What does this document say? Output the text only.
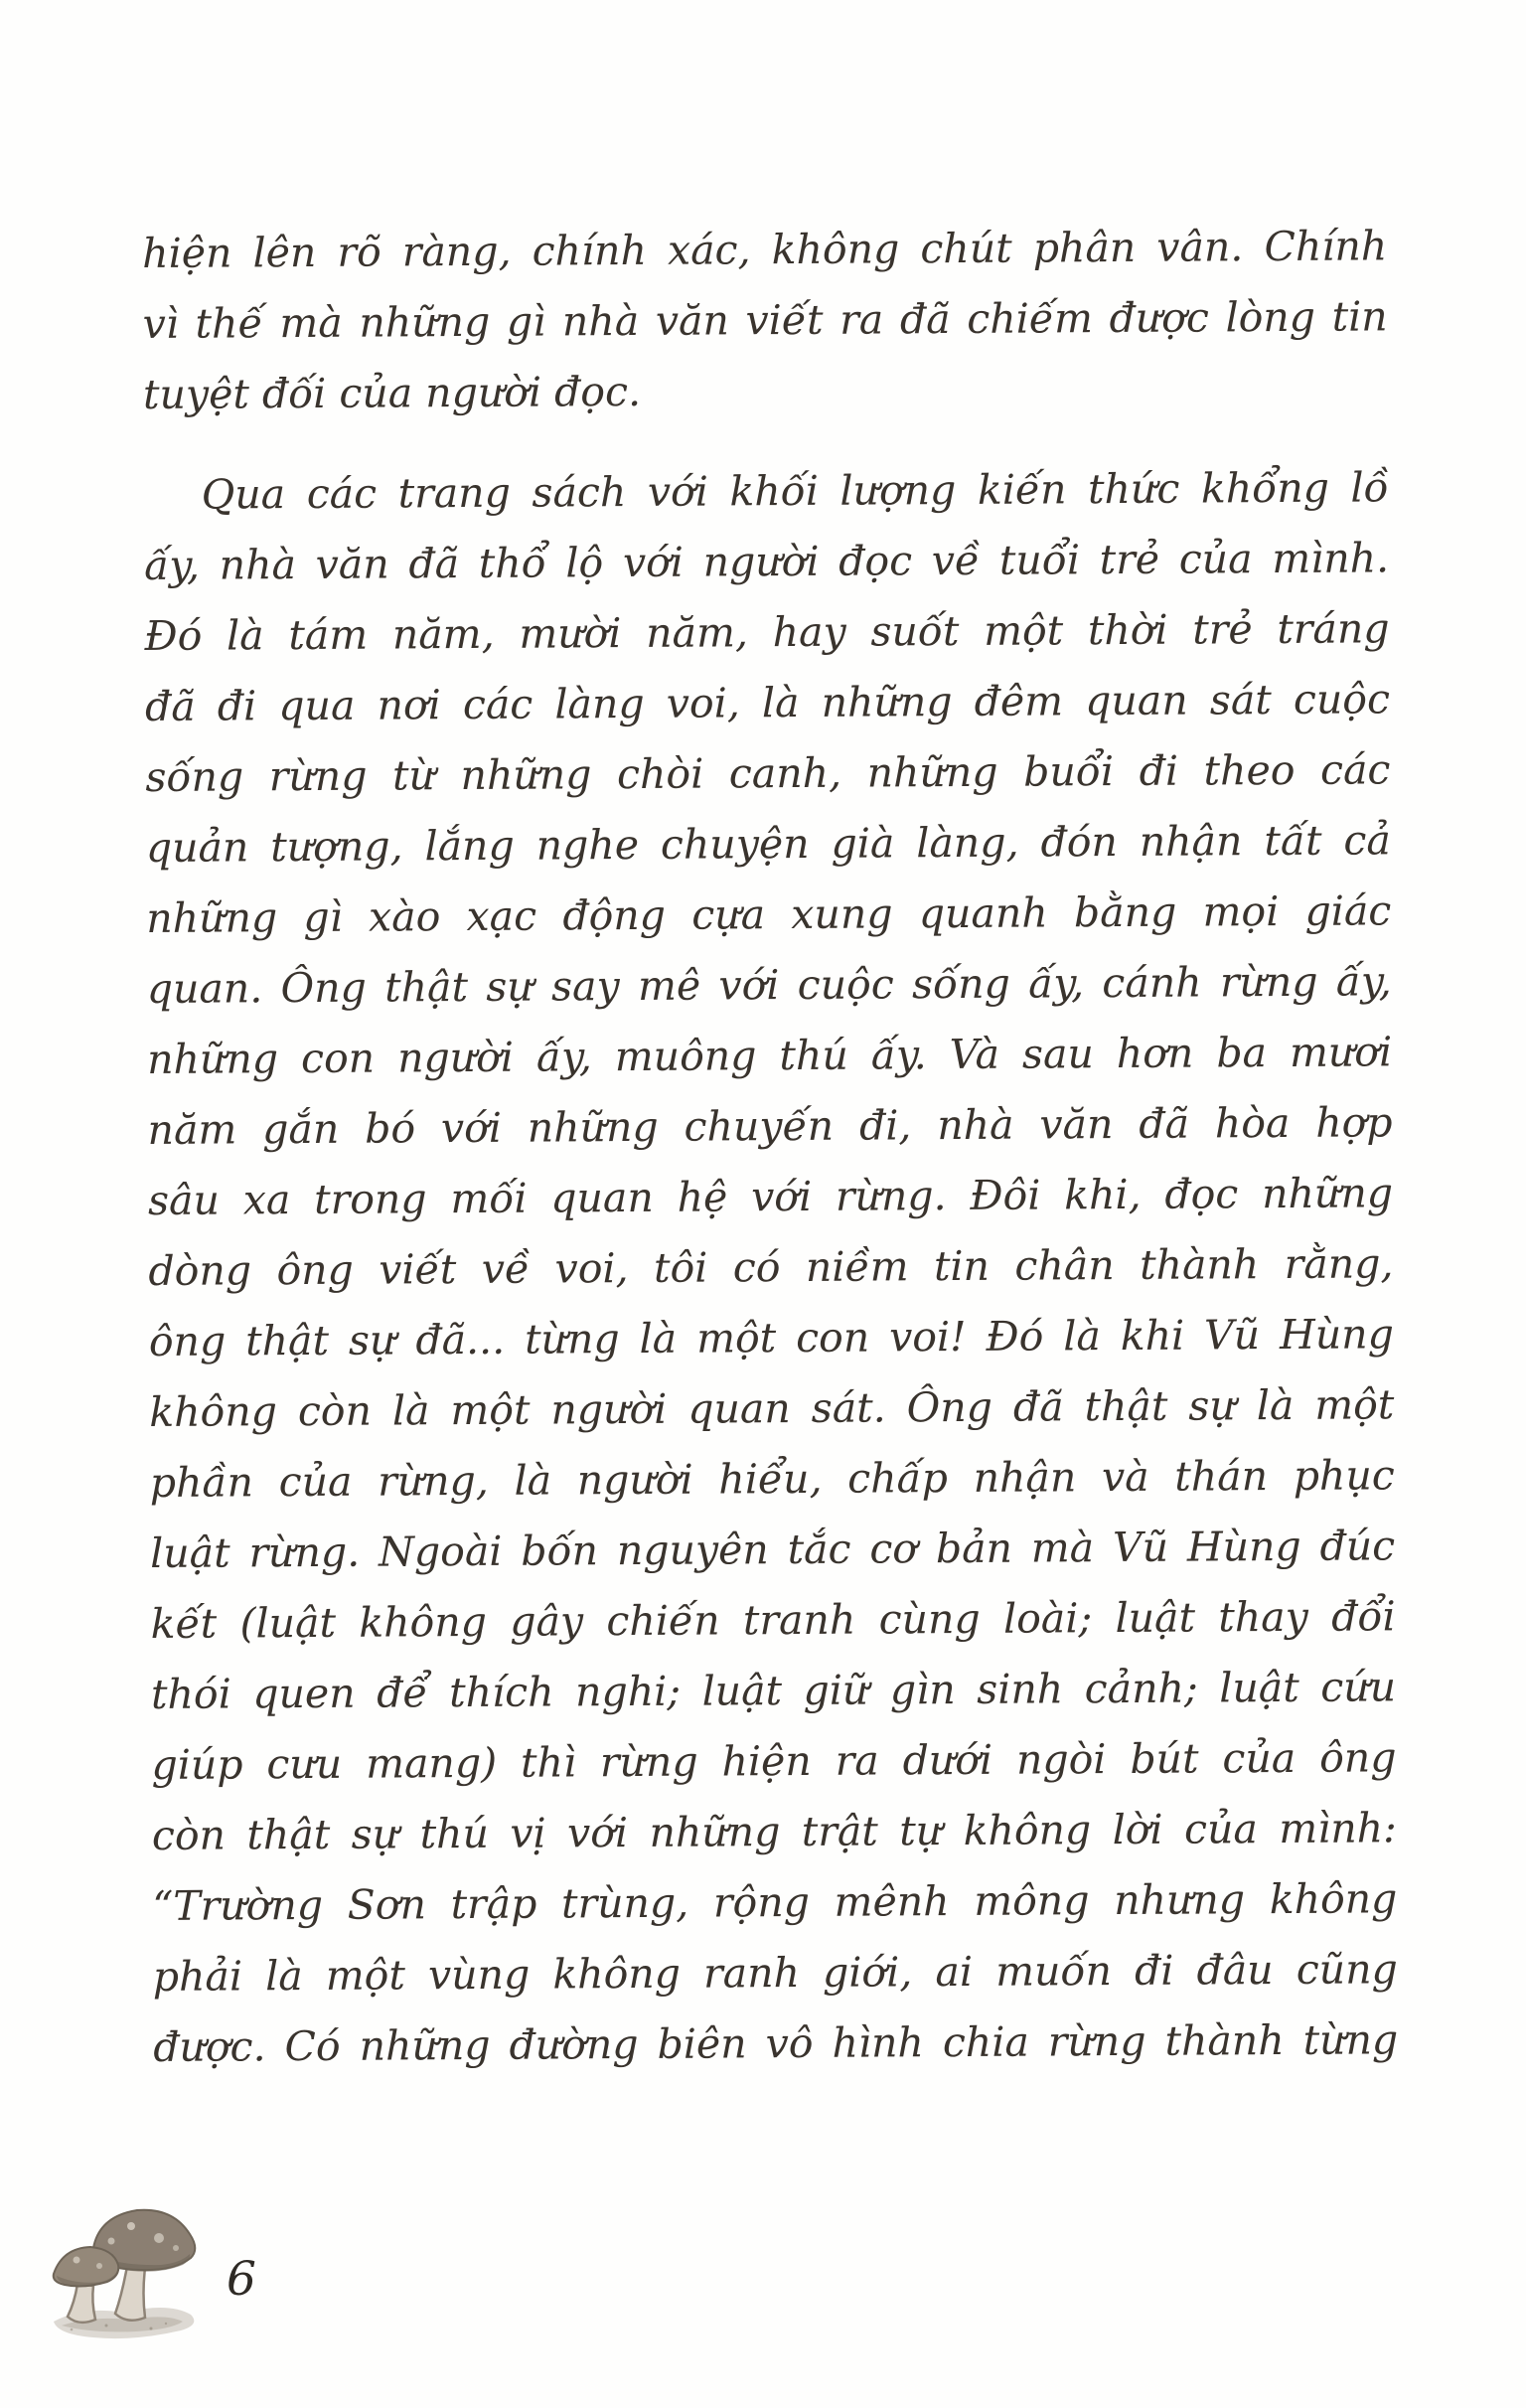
hiện lên rõ ràng, chính xác, không chút phân vân. Chính
vì thế mà những gì nhà văn viết ra đã chiếm được lòng tin
tuyệt đối của người đọc.
Qua các trang sách với khối lượng kiến thức khổng lồ
ấy, nhà văn đã thổ lộ với người đọc về tuổi trẻ của mình.
Đó là tám năm, mười năm, hay suốt một thời trẻ tráng
đã đi qua nơi các làng voi, là những đêm quan sát cuộc
sống rừng từ những chòi canh, những buổi đi theo các
quản tượng, lắng nghe chuyện già làng, đón nhận tất cả
những gì xào xạc động cựa xung quanh bằng mọi giác
quan. Ông thật sự say mê với cuộc sống ấy, cánh rừng ấy,
những con người ấy, muông thú ấy. Và sau hơn ba mươi
năm gắn bó với những chuyến đi, nhà văn đã hòa hợp
sâu xa trong mối quan hệ với rừng. Đôi khi, đọc những
dòng ông viết về voi, tôi có niềm tin chân thành rằng,
ông thật sự đã... từng là một con voi! Đó là khi Vũ Hùng
không còn là một người quan sát. Ông đã thật sự là một
phần của rừng, là người hiểu, chấp nhận và thán phục
luật rừng. Ngoài bốn nguyên tắc cơ bản mà Vũ Hùng đúc
kết (luật không gây chiến tranh cùng loài; luật thay đổi
thói quen để thích nghi; luật giữ gìn sinh cảnh; luật cứu
giúp cưu mang) thì rừng hiện ra dưới ngòi bút của ông
còn thật sự thú vị với những trật tự không lời của mình:
“Trường Sơn trập trùng, rộng mênh mông nhưng không
phải là một vùng không ranh giới, ai muốn đi đâu cũng
được. Có những đường biên vô hình chia rừng thành từng
6
